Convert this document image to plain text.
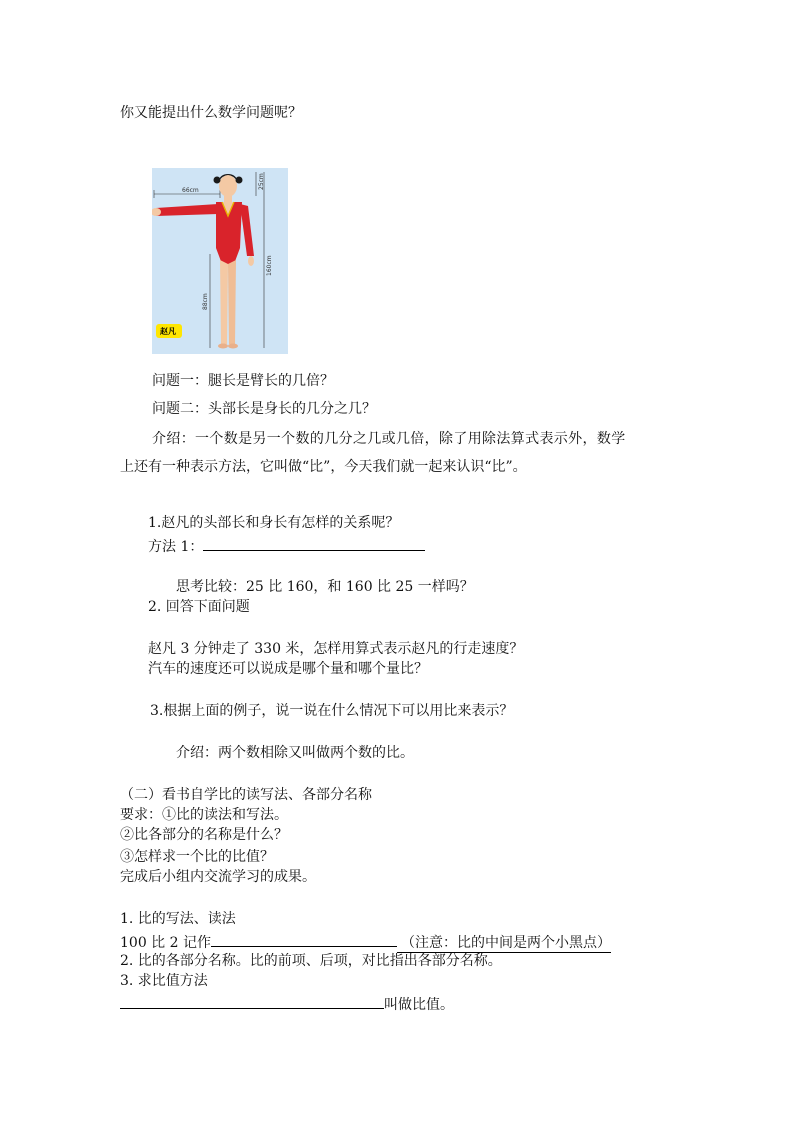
你又能提出什么数学问题呢？
66cm
25cm
160cm
88cm
赵凡
问题一：腿长是臂长的几倍？
问题二：头部长是身长的几分之几？
介绍：一个数是另一个数的几分之几或几倍，除了用除法算式表示外，数学
上还有一种表示方法，它叫做“比”，今天我们就一起来认识“比”。
1.赵凡的头部长和身长有怎样的关系呢？
方法 1：
思考比较：25 比 160，和 160 比 25 一样吗？
2. 回答下面问题
赵凡 3 分钟走了 330 米，怎样用算式表示赵凡的行走速度？
汽车的速度还可以说成是哪个量和哪个量比？
3.根据上面的例子，说一说在什么情况下可以用比来表示？
介绍：两个数相除又叫做两个数的比。
（二）看书自学比的读写法、各部分名称
要求：①比的读法和写法。
②比各部分的名称是什么？
③怎样求一个比的比值？
完成后小组内交流学习的成果。
1. 比的写法、读法
100 比 2 记作	（注意：比的中间是两个小黑点）
2. 比的各部分名称。比的前项、后项，对比指出各部分名称。
3. 求比值方法
叫做比值。
